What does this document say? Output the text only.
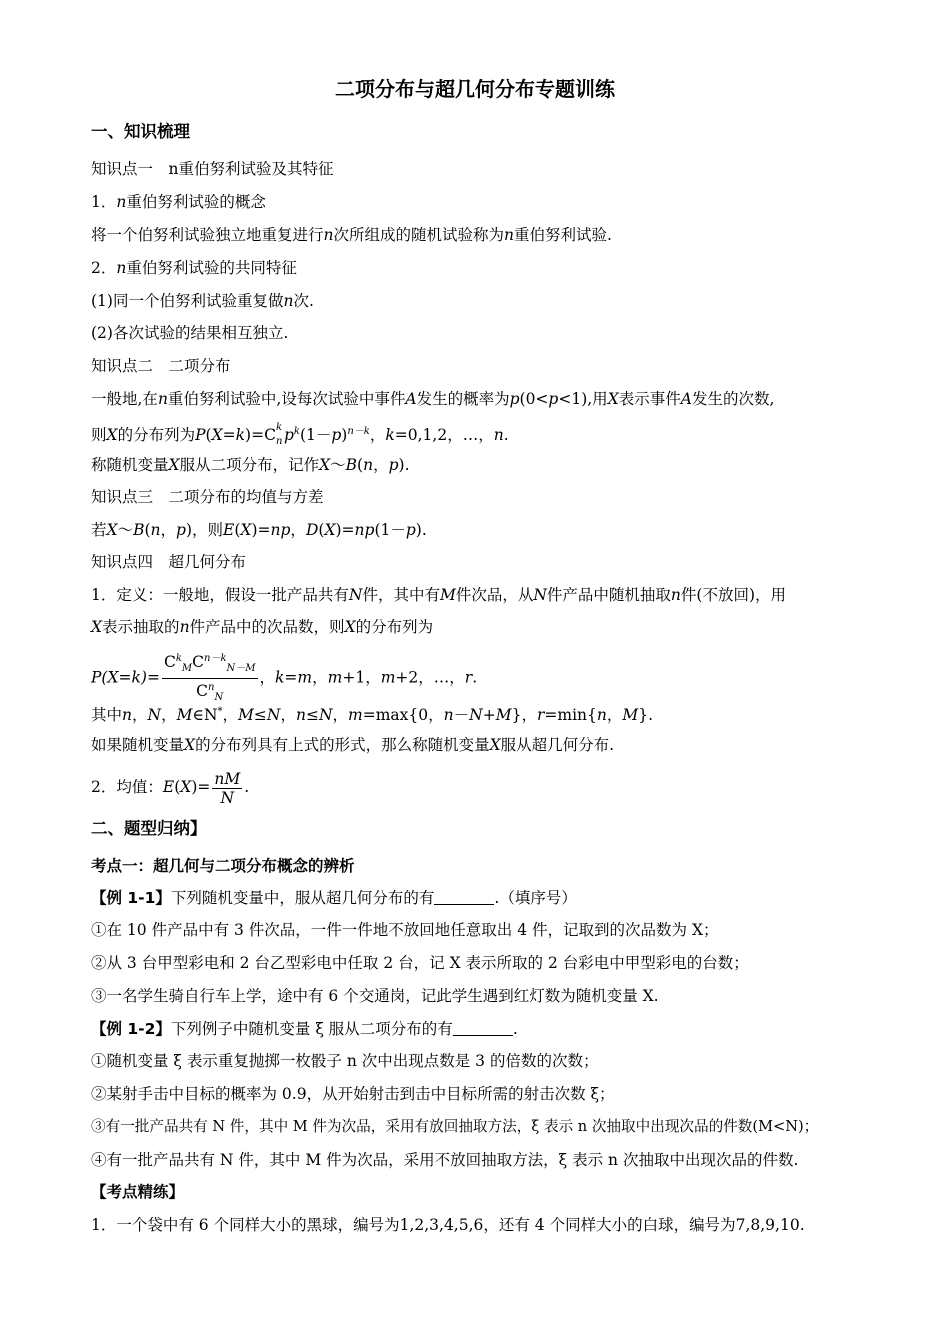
二项分布与超几何分布专题训练
一、知识梳理
知识点一　n重伯努利试验及其特征
1．n重伯努利试验的概念
将一个伯努利试验独立地重复进行n次所组成的随机试验称为n重伯努利试验.
2．n重伯努利试验的共同特征
(1)同一个伯努利试验重复做n次.
(2)各次试验的结果相互独立.
知识点二　二项分布
一般地,在n重伯努利试验中,设每次试验中事件A发生的概率为p(0<p<1),用X表示事件A发生的次数,
则X的分布列为P(X=k)=C k
n $p^k(1-p)^{n-k}$，k=0,1,2，…，n.
称随机变量X服从二项分布，记作X～B(n，p).
知识点三　二项分布的均值与方差
若X～B(n，p)，则E(X)=np，D(X)=np(1－p).
知识点四　超几何分布
1．定义：一般地，假设一批产品共有N件，其中有M件次品，从N件产品中随机抽取n件(不放回)，用
X表示抽取的n件产品中的次品数，则X的分布列为
$P(X=k)= \frac{C^k_MC^{n-k}_{N-M}}{C^n_N}$ ，k=m，m+1，m+2，…，r.
其中n，N，M∈N*，M≤N，n≤N，m=max{0，n－N+M}，r=min{n，M}.
如果随机变量X的分布列具有上式的形式，那么称随机变量X服从超几何分布.
2．均值：$E(X)= \frac{nM}{N}$ .
二、题型归纳】
考点一：超几何与二项分布概念的辨析
【例 1-1】下列随机变量中，服从超几何分布的有	.（填序号）
①在 10 件产品中有 3 件次品，一件一件地不放回地任意取出 4 件，记取到的次品数为 X；
②从 3 台甲型彩电和 2 台乙型彩电中任取 2 台，记 X 表示所取的 2 台彩电中甲型彩电的台数；
③一名学生骑自行车上学，途中有 6 个交通岗，记此学生遇到红灯数为随机变量 X.
【例 1-2】下列例子中随机变量 ξ 服从二项分布的有	.
①随机变量 ξ 表示重复抛掷一枚骰子 n 次中出现点数是 3 的倍数的次数；
②某射手击中目标的概率为 0.9，从开始射击到击中目标所需的射击次数 ξ；
③有一批产品共有 N 件，其中 M 件为次品，采用有放回抽取方法，ξ 表示 n 次抽取中出现次品的件数(M<N)；
④有一批产品共有 N 件，其中 M 件为次品，采用不放回抽取方法，ξ 表示 n 次抽取中出现次品的件数.
【考点精练】
1．一个袋中有 6 个同样大小的黑球，编号为1,2,3,4,5,6，还有 4 个同样大小的白球，编号为7,8,9,10.
